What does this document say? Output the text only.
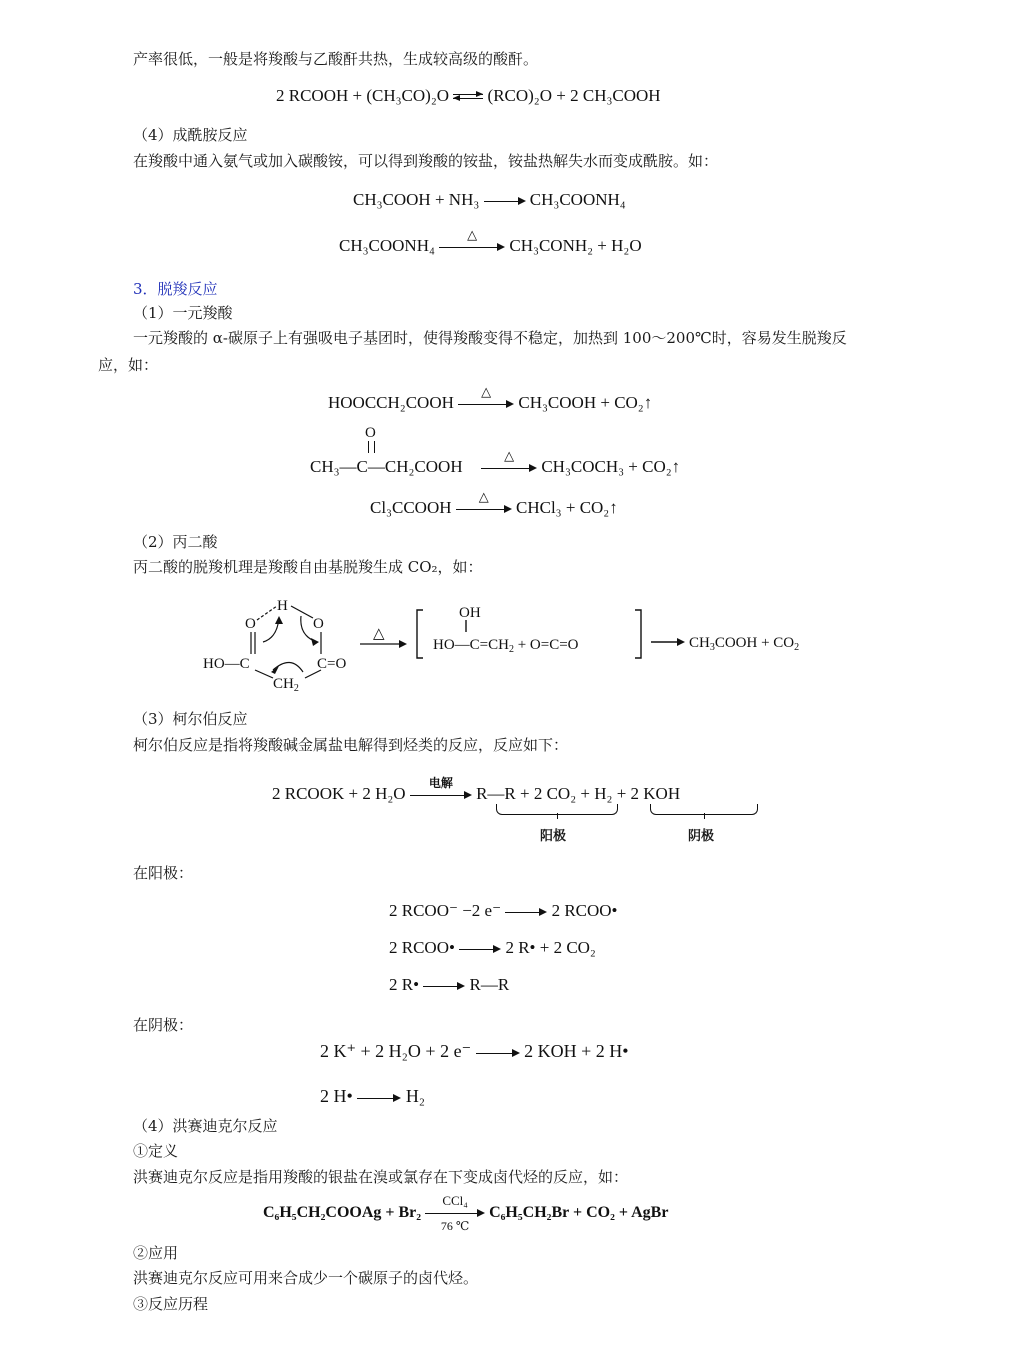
产率很低，一般是将羧酸与乙酸酐共热，生成较高级的酸酐。
2 RCOOH + (CH₃CO)₂O (RCO)₂O + 2 CH₃COOH
（4）成酰胺反应
在羧酸中通入氨气或加入碳酸铵，可以得到羧酸的铵盐，铵盐热解失水而变成酰胺。如：
CH₃COOH + NH₃	CH₃COONH₄
CH₃COONH₄
△
CH₃CONH₂ + H₂O
3．脱羧反应
（1）一元羧酸
一元羧酸的 α-碳原子上有强吸电子基团时，使得羧酸变得不稳定，加热到 100～200℃时，容易发生脱羧反
应，如：
HOOCCH₂COOH
△
CH₃COOH + CO₂↑
O
CH₃—C—CH₂COOH
△
CH₃COCH₃ + CO₂↑
Cl₃CCOOH
△
CHCl₃ + CO₂↑
（2）丙二酸
丙二酸的脱羧机理是羧酸自由基脱羧生成 CO₂，如：
H
O	O
HO—C	C=O
$CH_2$
△
OH
$HO—C=CH_2 + O=C=O$	$CH_3COOH + CO_2$
（3）柯尔伯反应
柯尔伯反应是指将羧酸碱金属盐电解得到烃类的反应，反应如下：
2 RCOOK + 2 H₂O
电解
R—R + 2 CO₂ + H₂ + 2 KOH
阳极	阴极
在阳极：
2 RCOO⁻ −2 e⁻	2 RCOO•
2 RCOO•	2 R• + 2 CO₂
2 R•	R—R
在阴极：
2 K⁺ + 2 H₂O + 2 e⁻	2 KOH + 2 H•
2 H•	H₂
（4）洪赛迪克尔反应
①定义
洪赛迪克尔反应是指用羧酸的银盐在溴或氯存在下变成卤代烃的反应，如：
C₆H₅CH₂COOAg + Br₂
CCl₄
76 ℃
C₆H₅CH₂Br + CO₂ + AgBr
②应用
洪赛迪克尔反应可用来合成少一个碳原子的卤代烃。
③反应历程
